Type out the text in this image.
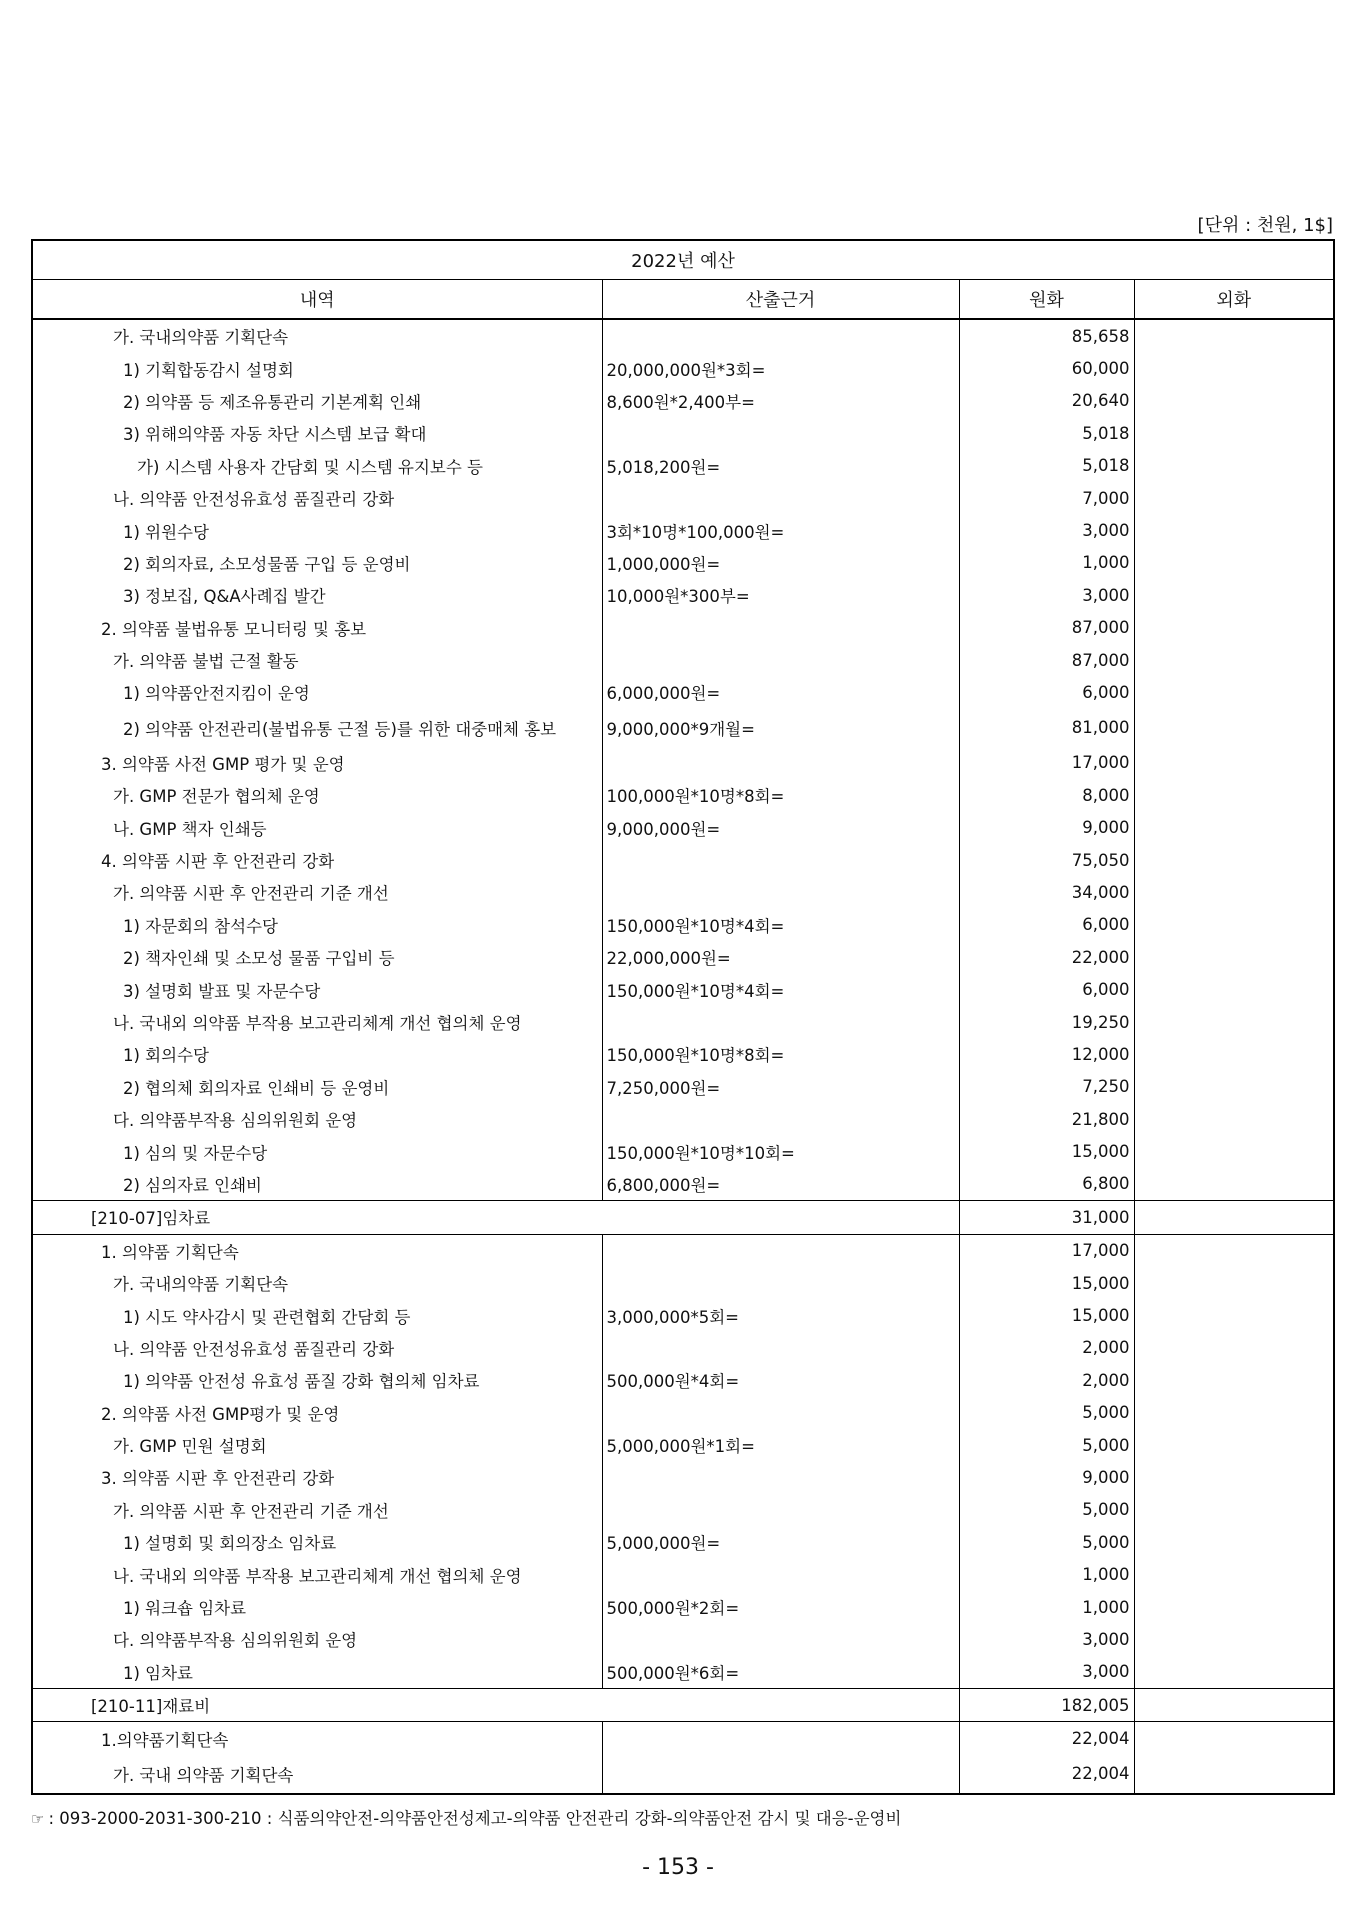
[단위 : 천원, 1$]
2022년 예산			
내역	산출근거	원화	외화
가. 국내의약품 기획단속		85,658	
1) 기획합동감시 설명회	20,000,000원*3회=	60,000	
2) 의약품 등 제조유통관리 기본계획 인쇄	8,600원*2,400부=	20,640	
3) 위해의약품 자동 차단 시스템 보급 확대		5,018	
가) 시스템 사용자 간담회 및 시스템 유지보수 등	5,018,200원=	5,018	
나. 의약품 안전성유효성 품질관리 강화		7,000	
1) 위원수당	3회*10명*100,000원=	3,000	
2) 회의자료, 소모성물품 구입 등 운영비	1,000,000원=	1,000	
3) 정보집, Q&A사례집 발간	10,000원*300부=	3,000	
2. 의약품 불법유통 모니터링 및 홍보		87,000	
가. 의약품 불법 근절 활동		87,000	
1) 의약품안전지킴이 운영	6,000,000원=	6,000	
2) 의약품 안전관리(불법유통 근절 등)를 위한 대중매체 홍보	9,000,000*9개월=	81,000	
3. 의약품 사전 GMP 평가 및 운영		17,000	
가. GMP 전문가 협의체 운영	100,000원*10명*8회=	8,000	
나. GMP 책자 인쇄등	9,000,000원=	9,000	
4. 의약품 시판 후 안전관리 강화		75,050	
가. 의약품 시판 후 안전관리 기준 개선		34,000	
1) 자문회의 참석수당	150,000원*10명*4회=	6,000	
2) 책자인쇄 및 소모성 물품 구입비 등	22,000,000원=	22,000	
3) 설명회 발표 및 자문수당	150,000원*10명*4회=	6,000	
나. 국내외 의약품 부작용 보고관리체계 개선 협의체 운영		19,250	
1) 회의수당	150,000원*10명*8회=	12,000	
2) 협의체 회의자료 인쇄비 등 운영비	7,250,000원=	7,250	
다. 의약품부작용 심의위원회 운영		21,800	
1) 심의 및 자문수당	150,000원*10명*10회=	15,000	
2) 심의자료 인쇄비	6,800,000원=	6,800	
[210-07]임차료		31,000	
1. 의약품 기획단속		17,000	
가. 국내의약품 기획단속		15,000	
1) 시도 약사감시 및 관련협회 간담회 등	3,000,000*5회=	15,000	
나. 의약품 안전성유효성 품질관리 강화		2,000	
1) 의약품 안전성 유효성 품질 강화 협의체 임차료	500,000원*4회=	2,000	
2. 의약품 사전 GMP평가 및 운영		5,000	
가. GMP 민원 설명회	5,000,000원*1회=	5,000	
3. 의약품 시판 후 안전관리 강화		9,000	
가. 의약품 시판 후 안전관리 기준 개선		5,000	
1) 설명회 및 회의장소 임차료	5,000,000원=	5,000	
나. 국내외 의약품 부작용 보고관리체계 개선 협의체 운영		1,000	
1) 워크숍 임차료	500,000원*2회=	1,000	
다. 의약품부작용 심의위원회 운영		3,000	
1) 임차료	500,000원*6회=	3,000	
[210-11]재료비		182,005	
1.의약품기획단속		22,004	
가. 국내 의약품 기획단속		22,004	
☞ : 093-2000-2031-300-210 : 식품의약안전-의약품안전성제고-의약품 안전관리 강화-의약품안전 감시 및 대응-운영비
- 153 -
